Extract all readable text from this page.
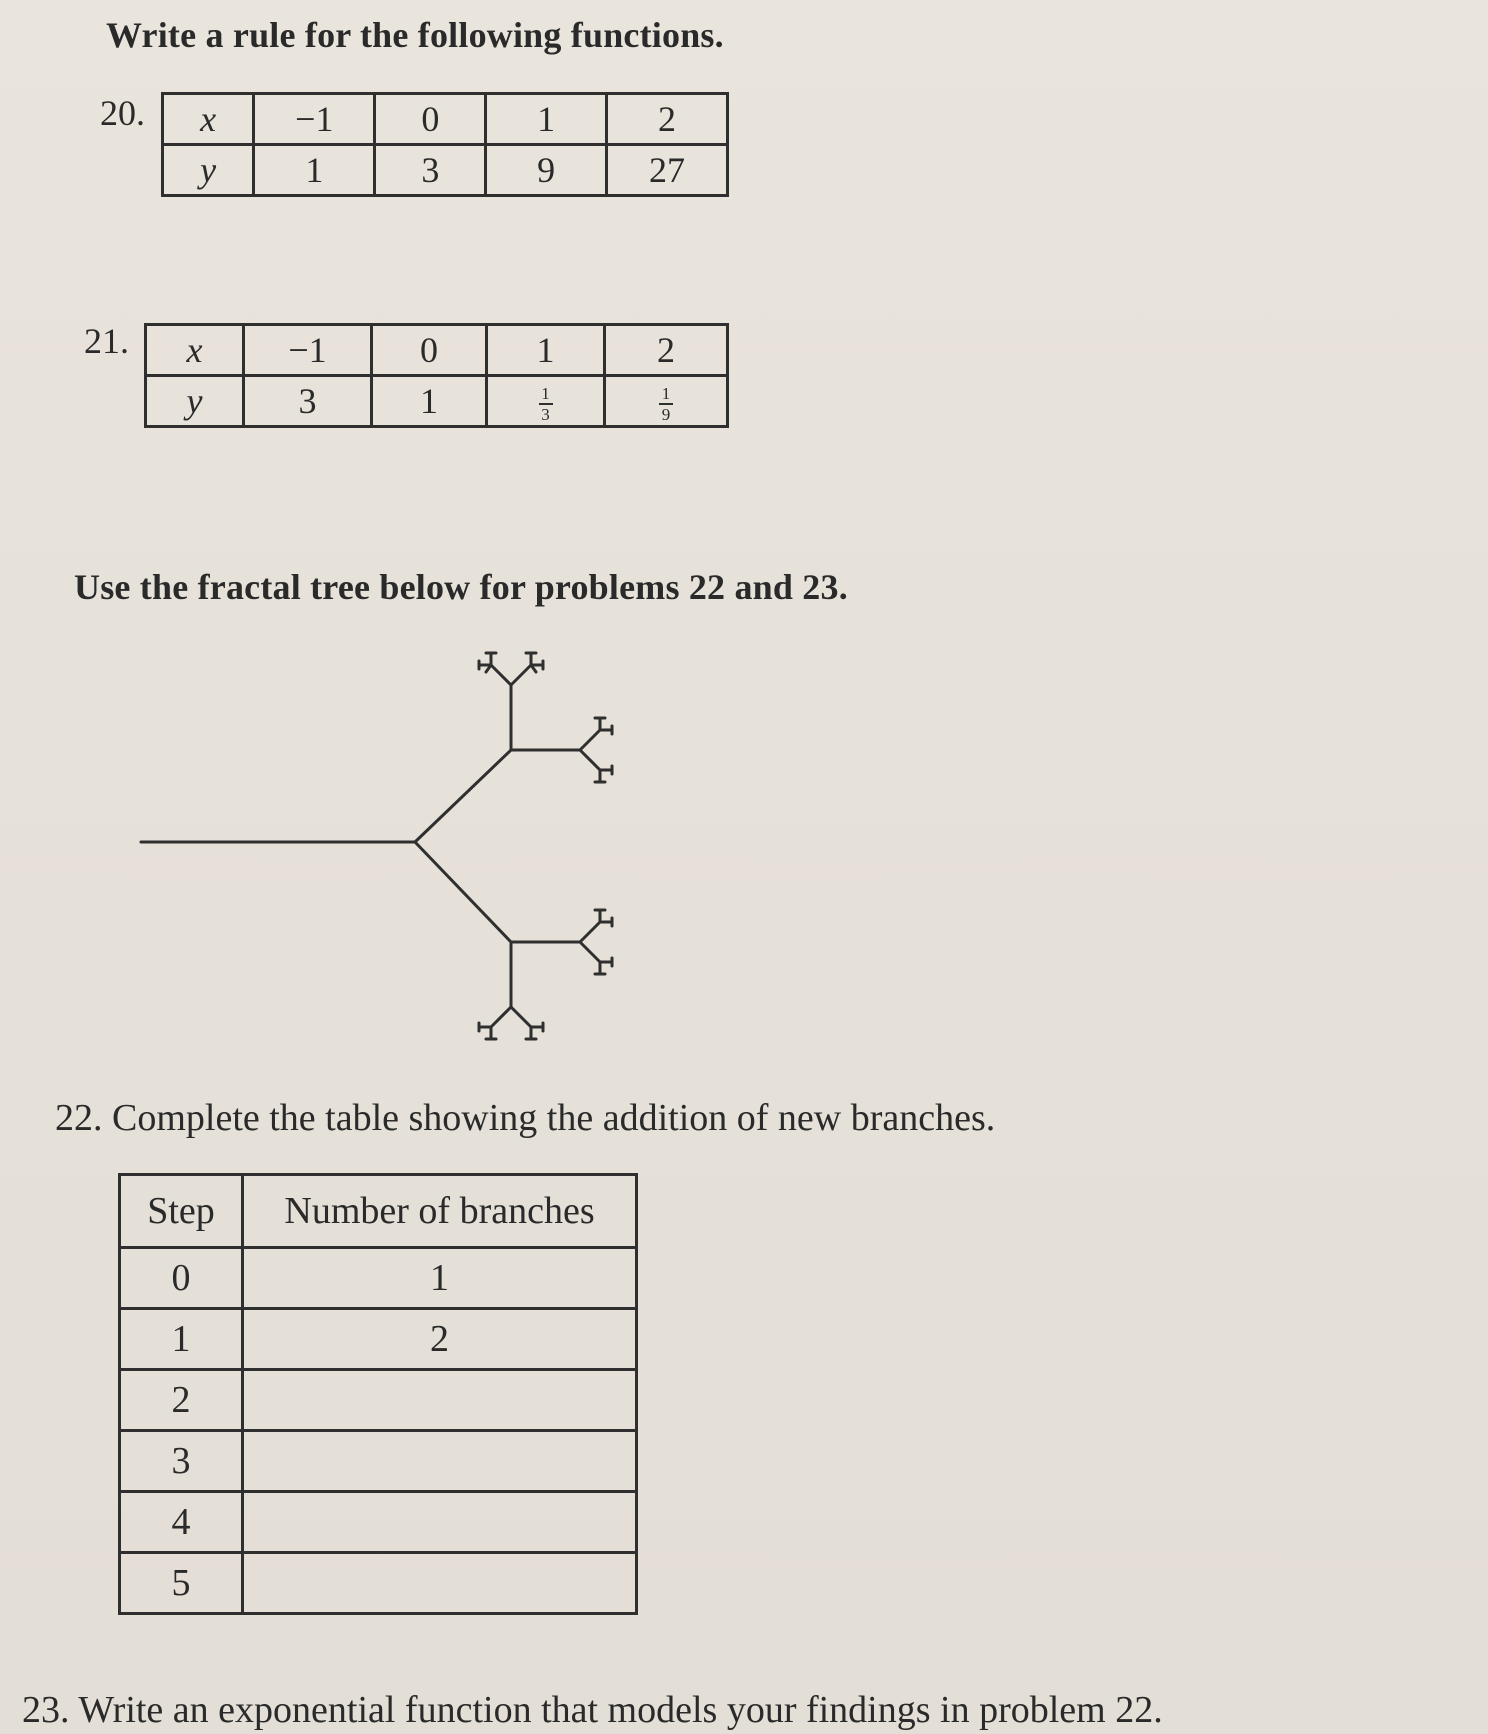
Write a rule for the following functions.
20. x	−1	0	1	2
y	1	3	9	27
21. x	−1	0	1	2
y	3	1	$\frac{1}{3}$	$\frac{1}{9}$
Use the fractal tree below for problems 22 and 23.
22. Complete the table showing the addition of new branches.
Step	Number of branches
0	1
1	2
2	
3	
4	
5	
23. Write an exponential function that models your findings in problem 22.
